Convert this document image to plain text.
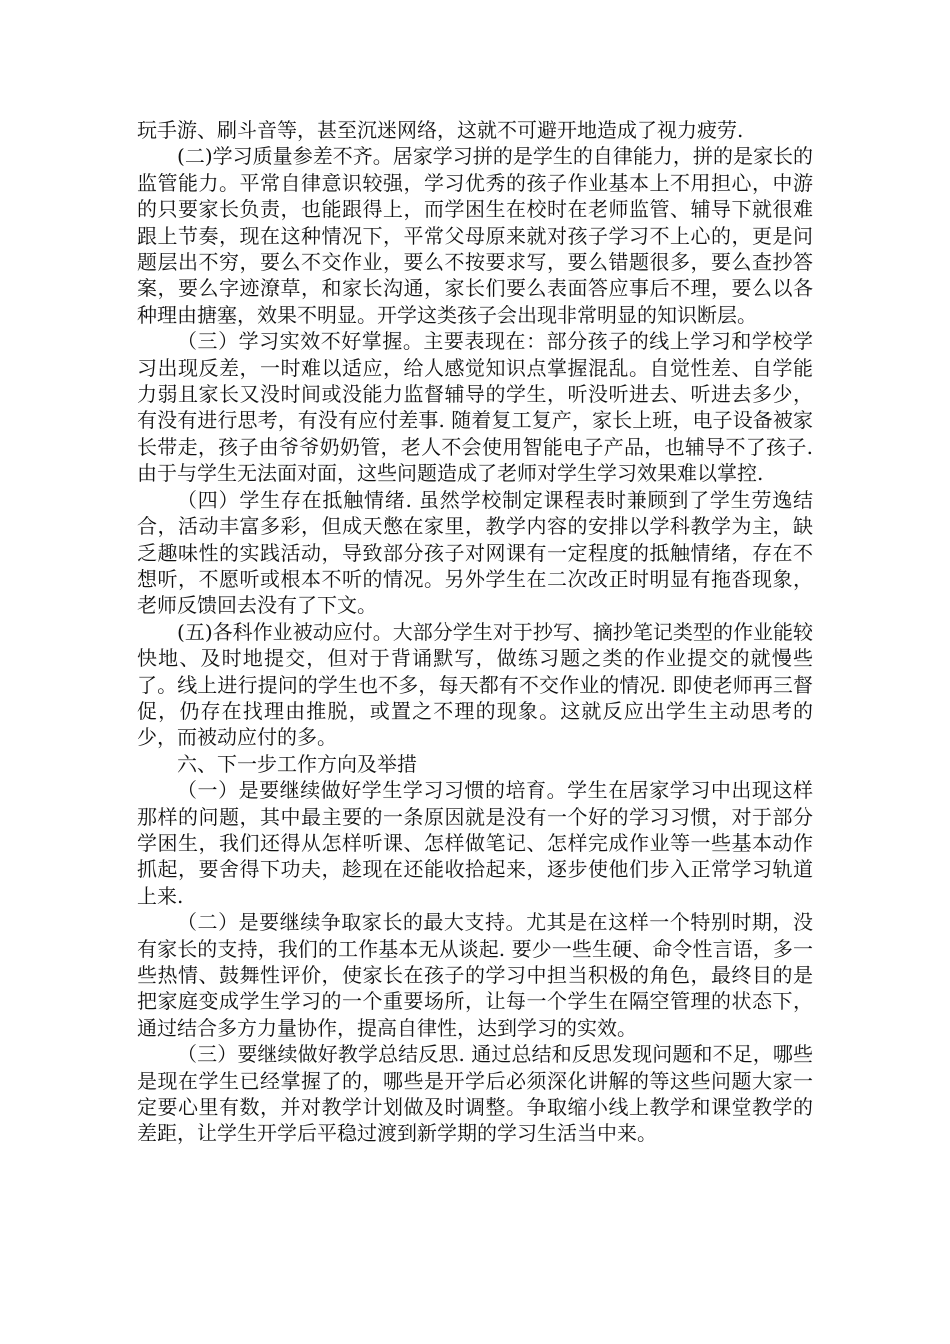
玩手游、刷斗音等，甚至沉迷网络，这就不可避开地造成了视力疲劳.

(二)学习质量参差不齐。居家学习拼的是学生的自律能力，拼的是家长的监管能力。平常自律意识较强，学习优秀的孩子作业基本上不用担心，中游的只要家长负责，也能跟得上，而学困生在校时在老师监管、辅导下就很难跟上节奏，现在这种情况下，平常父母原来就对孩子学习不上心的，更是问题层出不穷，要么不交作业，要么不按要求写，要么错题很多，要么查抄答案，要么字迹潦草，和家长沟通，家长们要么表面答应事后不理，要么以各种理由搪塞，效果不明显。开学这类孩子会出现非常明显的知识断层。

（三）学习实效不好掌握。主要表现在：部分孩子的线上学习和学校学习出现反差，一时难以适应，给人感觉知识点掌握混乱。自觉性差、自学能力弱且家长又没时间或没能力监督辅导的学生，听没听进去、听进去多少，有没有进行思考，有没有应付差事. 随着复工复产，家长上班，电子设备被家长带走，孩子由爷爷奶奶管，老人不会使用智能电子产品，也辅导不了孩子. 由于与学生无法面对面，这些问题造成了老师对学生学习效果难以掌控.

（四）学生存在抵触情绪. 虽然学校制定课程表时兼顾到了学生劳逸结合，活动丰富多彩，但成天憋在家里，教学内容的安排以学科教学为主，缺乏趣味性的实践活动，导致部分孩子对网课有一定程度的抵触情绪，存在不想听，不愿听或根本不听的情况。另外学生在二次改正时明显有拖沓现象，老师反馈回去没有了下文。

(五)各科作业被动应付。大部分学生对于抄写、摘抄笔记类型的作业能较快地、及时地提交，但对于背诵默写，做练习题之类的作业提交的就慢些了。线上进行提问的学生也不多，每天都有不交作业的情况. 即使老师再三督促，仍存在找理由推脱，或置之不理的现象。这就反应出学生主动思考的少，而被动应付的多。

六、下一步工作方向及举措

（一）是要继续做好学生学习习惯的培育。学生在居家学习中出现这样那样的问题，其中最主要的一条原因就是没有一个好的学习习惯，对于部分学困生，我们还得从怎样听课、怎样做笔记、怎样完成作业等一些基本动作抓起，要舍得下功夫，趁现在还能收拾起来，逐步使他们步入正常学习轨道上来.

（二）是要继续争取家长的最大支持。尤其是在这样一个特别时期，没有家长的支持，我们的工作基本无从谈起. 要少一些生硬、命令性言语，多一些热情、鼓舞性评价，使家长在孩子的学习中担当积极的角色，最终目的是把家庭变成学生学习的一个重要场所，让每一个学生在隔空管理的状态下，通过结合多方力量协作，提高自律性，达到学习的实效。

（三）要继续做好教学总结反思. 通过总结和反思发现问题和不足，哪些是现在学生已经掌握了的，哪些是开学后必须深化讲解的等这些问题大家一定要心里有数，并对教学计划做及时调整。争取缩小线上教学和课堂教学的差距，让学生开学后平稳过渡到新学期的学习生活当中来。
